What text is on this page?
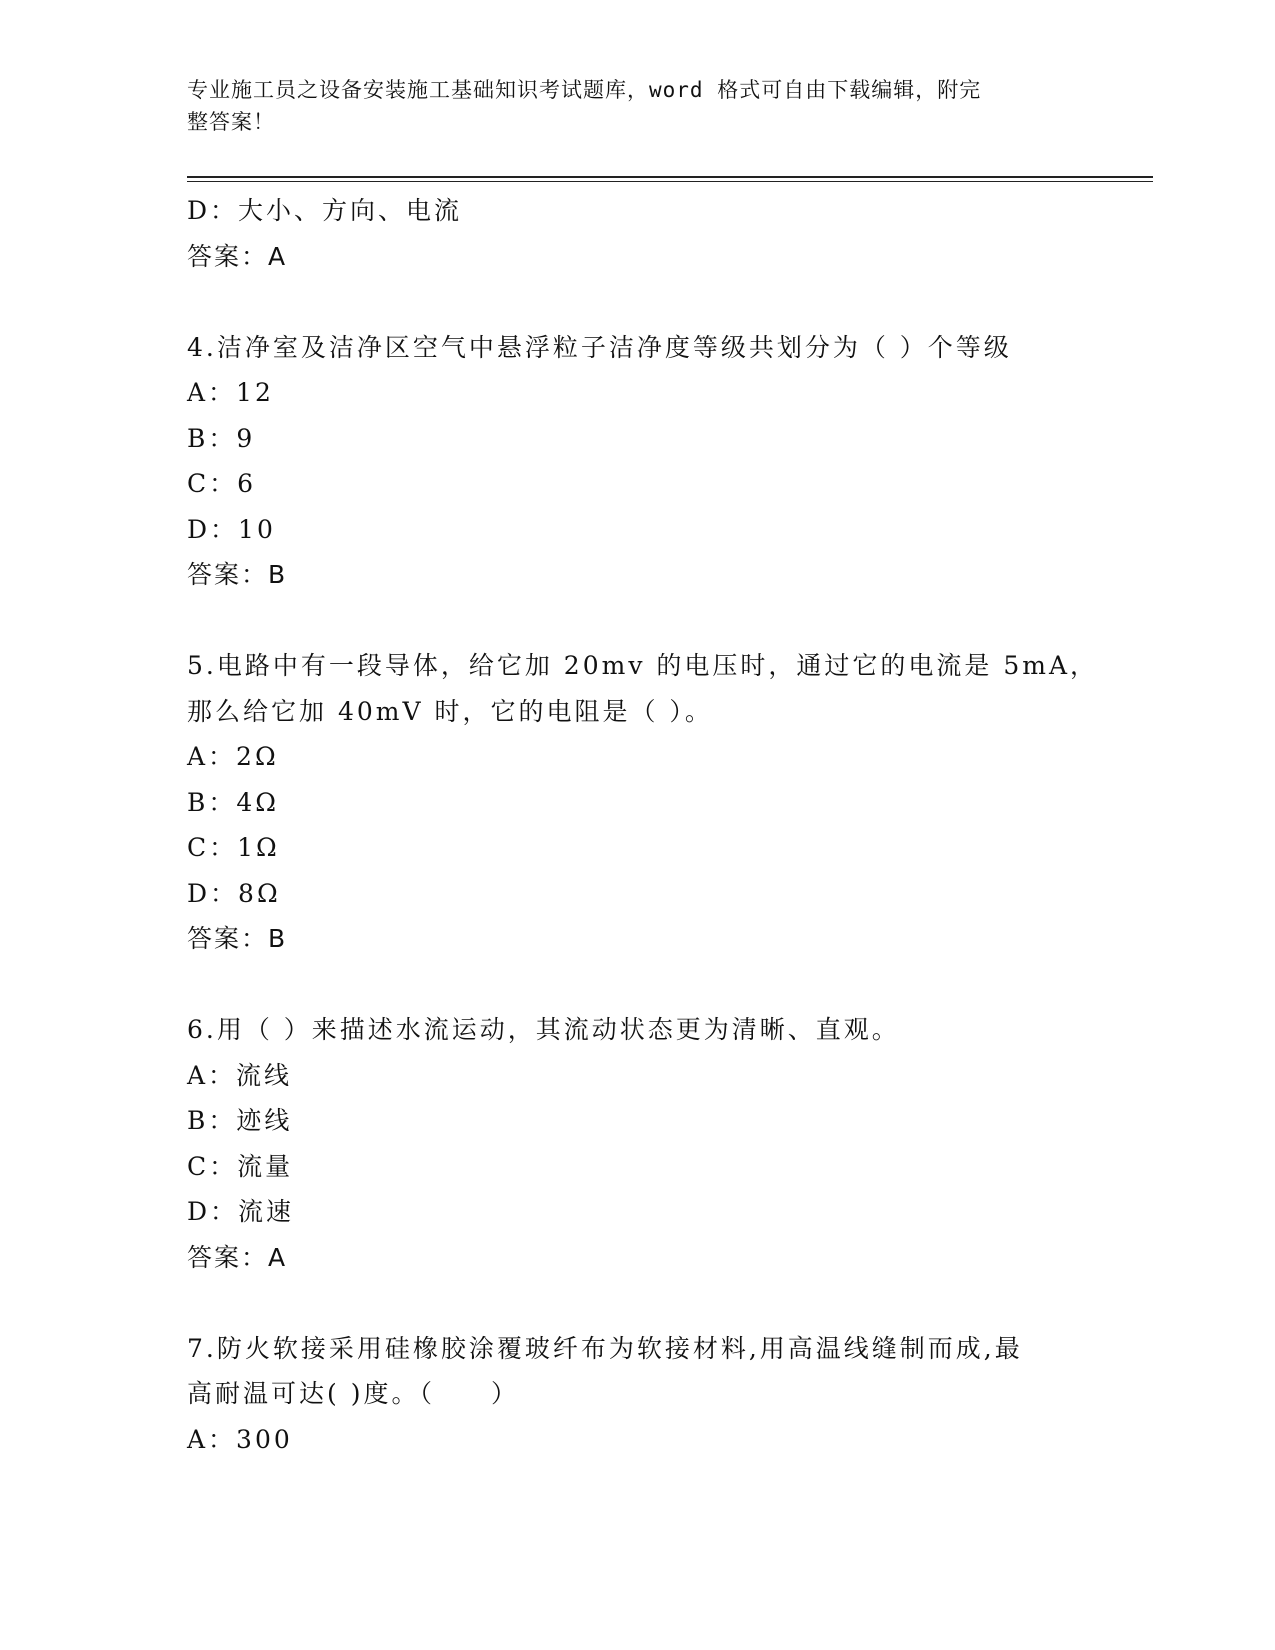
专业施工员之设备安装施工基础知识考试题库，word 格式可自由下载编辑，附完
整答案！
D：大小、方向、电流
答案：A
4.洁净室及洁净区空气中悬浮粒子洁净度等级共划分为（ ）个等级
A：12
B：9
C：6
D：10
答案：B
5.电路中有一段导体，给它加 20mv 的电压时，通过它的电流是 5mA，
那么给它加 40mV 时，它的电阻是（ ）。
A：2Ω
B：4Ω
C：1Ω
D：8Ω
答案：B
6.用（ ）来描述水流运动，其流动状态更为清晰、直观。
A：流线
B：迹线
C：流量
D：流速
答案：A
7.防火软接采用硅橡胶涂覆玻纤布为软接材料,用高温线缝制而成,最
高耐温可达( )度。（　　）
A：300
